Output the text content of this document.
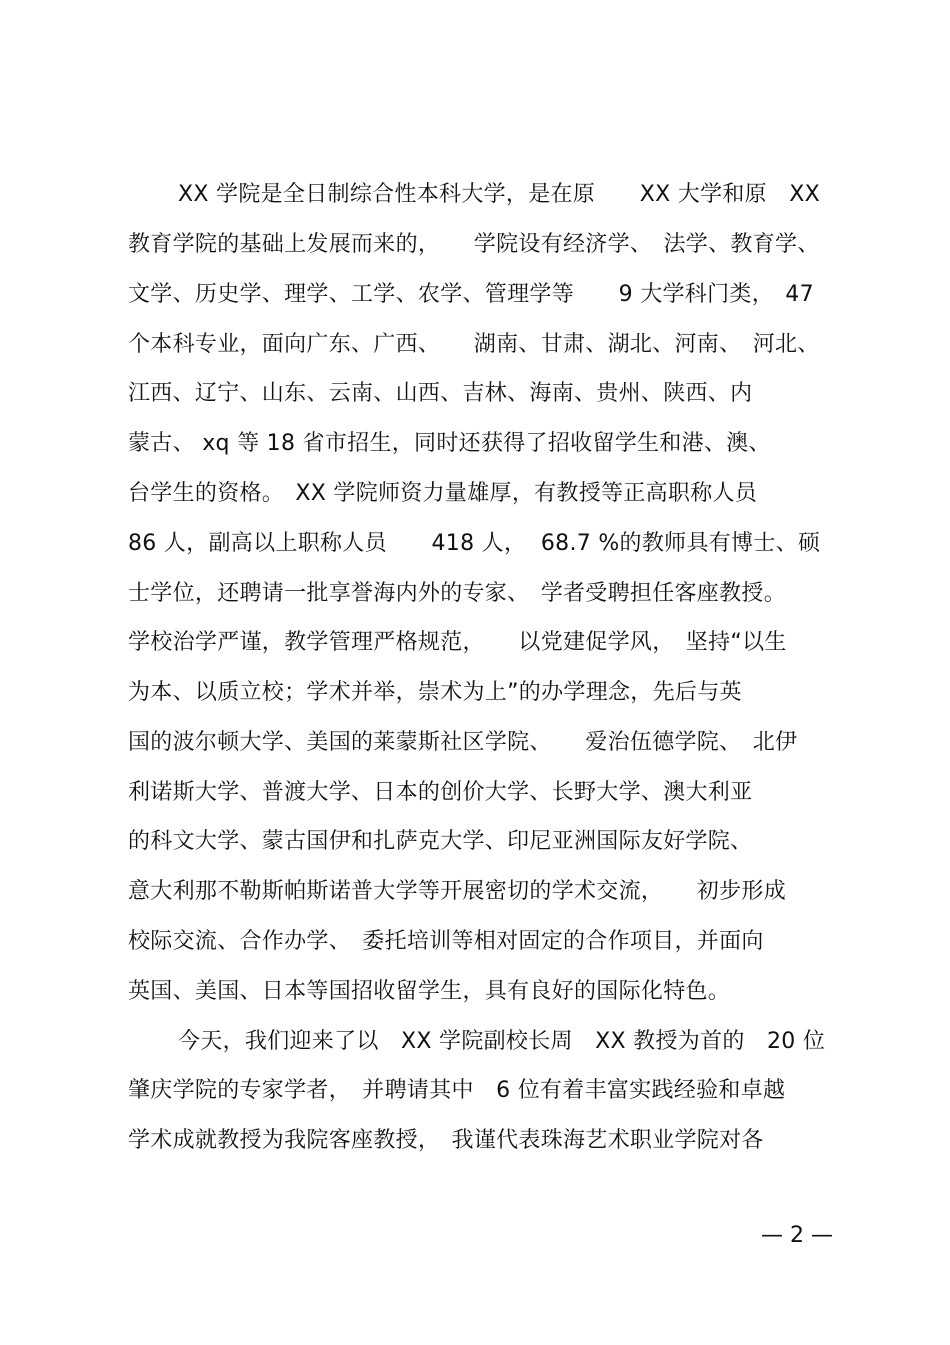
XX 学院是全日制综合性本科大学，是在原　　XX 大学和原　XX
教育学院的基础上发展而来的，　　学院设有经济学、　法学、教育学、
文学、历史学、理学、工学、农学、管理学等　　9 大学科门类，　47
个本科专业，面向广东、广西、　　湖南、甘肃、湖北、河南、　河北、
江西、辽宁、山东、云南、山西、吉林、海南、贵州、陕西、内
蒙古、 xq 等 18 省市招生，同时还获得了招收留学生和港、澳、
台学生的资格。　XX 学院师资力量雄厚，有教授等正高职称人员
86 人，副高以上职称人员　　418 人，  68.7 %的教师具有博士、硕
士学位，还聘请一批享誉海内外的专家、　学者受聘担任客座教授。
学校治学严谨，教学管理严格规范，　　以党建促学风，　坚持“以生
为本、以质立校；学术并举，崇术为上”的办学理念，先后与英
国的波尔顿大学、美国的莱蒙斯社区学院、　　爱治伍德学院、　北伊
利诺斯大学、普渡大学、日本的创价大学、长野大学、澳大利亚
的科文大学、蒙古国伊和扎萨克大学、印尼亚洲国际友好学院、
意大利那不勒斯帕斯诺普大学等开展密切的学术交流，　　初步形成
校际交流、合作办学、　委托培训等相对固定的合作项目，并面向
英国、美国、日本等国招收留学生，具有良好的国际化特色。
今天，我们迎来了以　XX 学院副校长周　XX 教授为首的　20 位
肇庆学院的专家学者，　并聘请其中　6 位有着丰富实践经验和卓越
学术成就教授为我院客座教授，　我谨代表珠海艺术职业学院对各
— 2 —
